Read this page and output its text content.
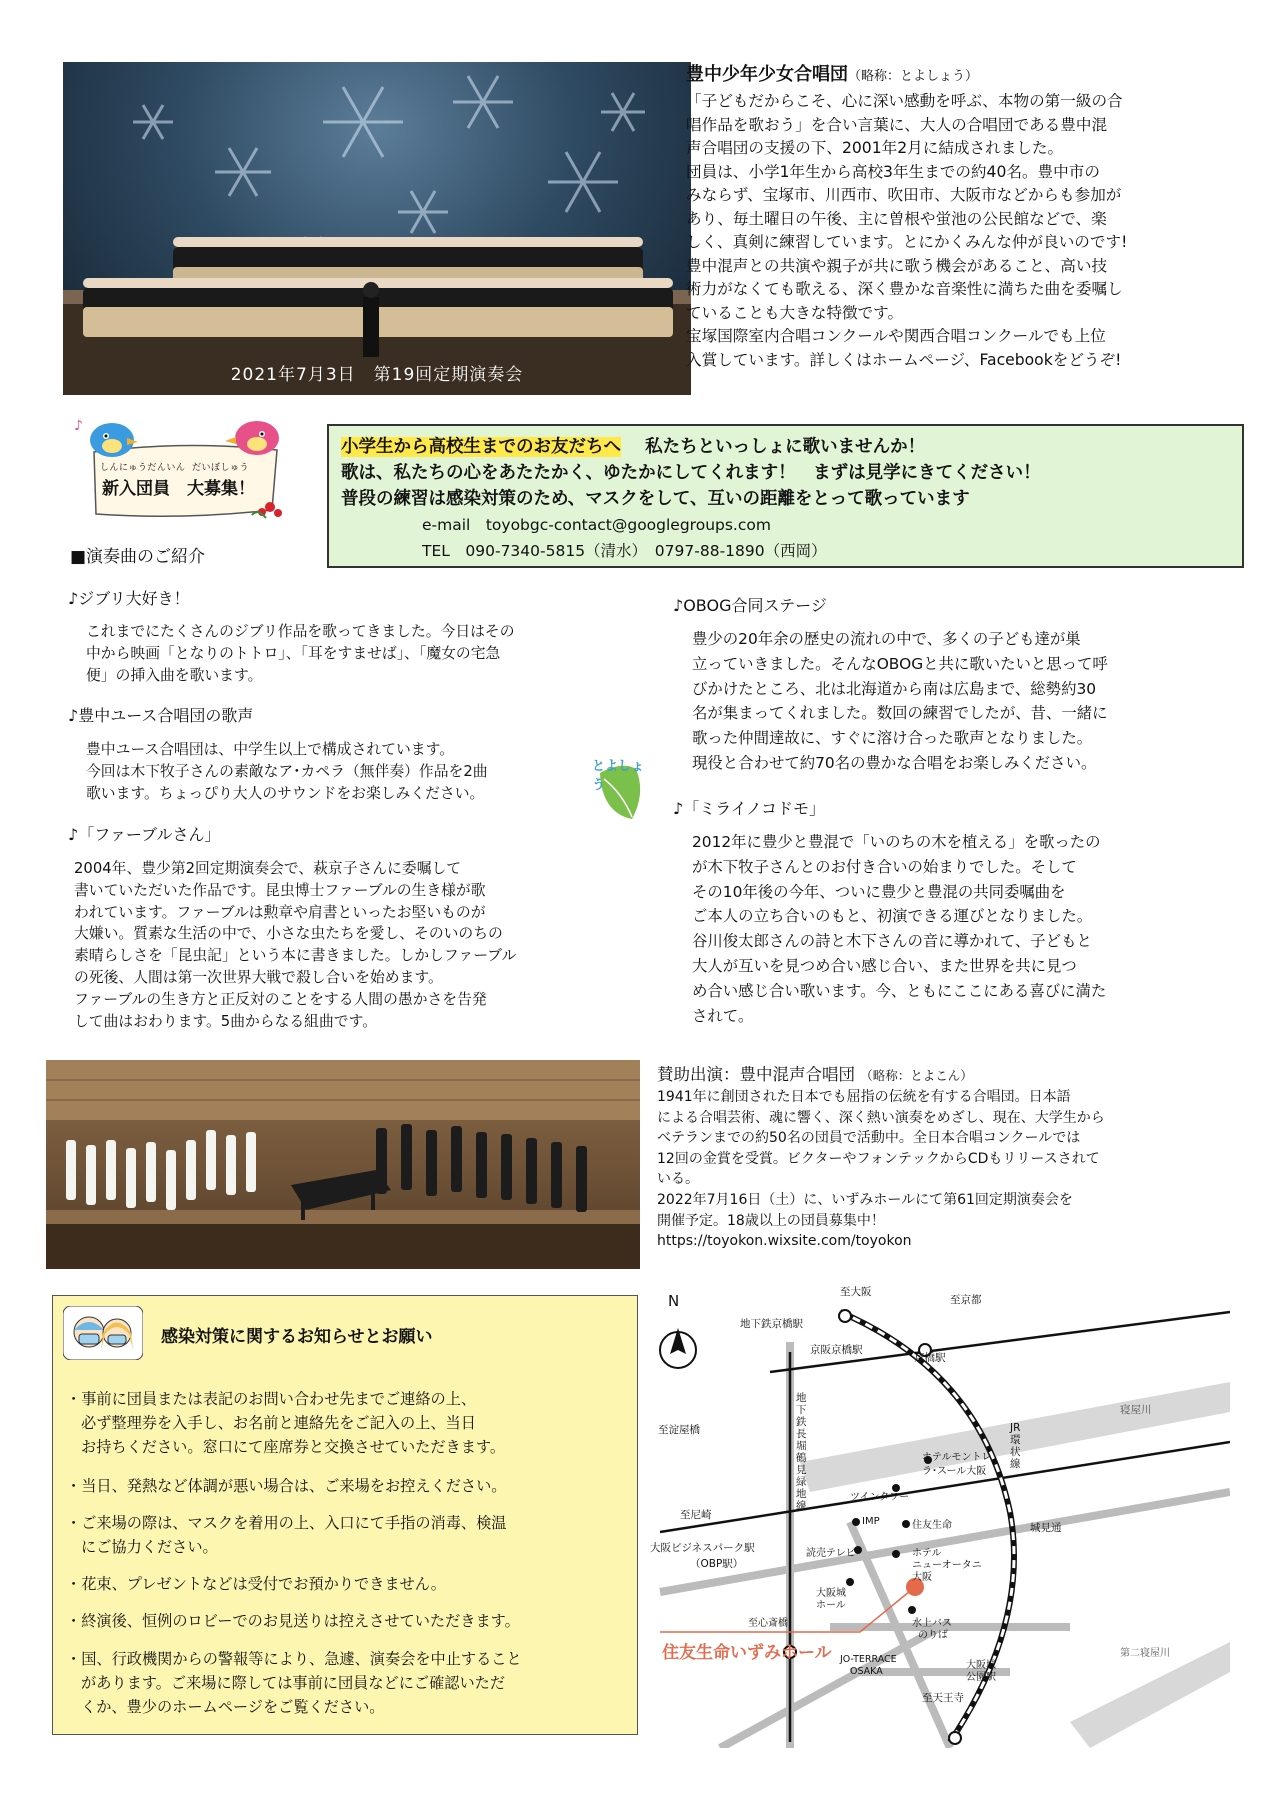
2021年7月3日　第19回定期演奏会
豊中少年少女合唱団（略称：とよしょう）

「子どもだからこそ、心に深い感動を呼ぶ、本物の第一級の合

唱作品を歌おう」を合い言葉に、大人の合唱団である豊中混

声合唱団の支援の下、2001年2月に結成されました。

団員は、小学1年生から高校3年生までの約40名。豊中市の

みならず、宝塚市、川西市、吹田市、大阪市などからも参加が

あり、毎土曜日の午後、主に曽根や蛍池の公民館などで、楽

しく、真剣に練習しています。とにかくみんな仲が良いのです!

豊中混声との共演や親子が共に歌う機会があること、高い技

術力がなくても歌える、深く豊かな音楽性に満ちた曲を委嘱し

ていることも大きな特徴です。

宝塚国際室内合唱コンクールや関西合唱コンクールでも上位

入賞しています。詳しくはホームページ、Facebookをどうぞ!

♪
しんにゅうだんいん だいぼしゅう
新入団員　大募集！
小学生から高校生までのお友だちへ 私たちといっしょに歌いませんか！
歌は、私たちの心をあたたかく、ゆたかにしてくれます！　まずは見学にきてください！
普段の練習は感染対策のため、マスクをして、互いの距離をとって歌っています
e-mail　toyobgc-contact@googlegroups.com
TEL　090-7340-5815（清水）　0797-88-1890（西岡）
■演奏曲のご紹介
♪ジブリ大好き！

これまでにたくさんのジブリ作品を歌ってきました。今日はその

中から映画「となりのトトロ」、「耳をすませば」、「魔女の宅急

便」の挿入曲を歌います。

♪豊中ユース合唱団の歌声

豊中ユース合唱団は、中学生以上で構成されています。

今回は木下牧子さんの素敵なア･カペラ（無伴奏）作品を2曲

歌います。ちょっぴり大人のサウンドをお楽しみください。

♪「ファーブルさん」

2004年、豊少第2回定期演奏会で、萩京子さんに委嘱して

書いていただいた作品です。昆虫博士ファーブルの生き様が歌

われています。ファーブルは勲章や肩書といったお堅いものが

大嫌い。質素な生活の中で、小さな虫たちを愛し、そのいのちの

素晴らしさを「昆虫記」という本に書きました。しかしファーブル

の死後、人間は第一次世界大戦で殺し合いを始めます。

ファーブルの生き方と正反対のことをする人間の愚かさを告発

して曲はおわります。5曲からなる組曲です。

とよしょう
♪OBOG合同ステージ

豊少の20年余の歴史の流れの中で、多くの子ども達が巣

立っていきました。そんなOBOGと共に歌いたいと思って呼

びかけたところ、北は北海道から南は広島まで、総勢約30

名が集まってくれました。数回の練習でしたが、昔、一緒に

歌った仲間達故に、すぐに溶け合った歌声となりました。

現役と合わせて約70名の豊かな合唱をお楽しみください。

♪「ミライノコドモ」

2012年に豊少と豊混で「いのちの木を植える」を歌ったの

が木下牧子さんとのお付き合いの始まりでした。そして

その10年後の今年、ついに豊少と豊混の共同委嘱曲を

ご本人の立ち合いのもと、初演できる運びとなりました。

谷川俊太郎さんの詩と木下さんの音に導かれて、子どもと

大人が互いを見つめ合い感じ合い、また世界を共に見つ

め合い感じ合い歌います。今、ともにここにある喜びに満た

されて。

賛助出演：豊中混声合唱団 （略称：とよこん）

1941年に創団された日本でも屈指の伝統を有する合唱団。日本語

による合唱芸術、魂に響く、深く熱い演奏をめざし、現在、大学生から

ベテランまでの約50名の団員で活動中。全日本合唱コンクールでは

12回の金賞を受賞。ビクターやフォンテックからCDもリリースされて

いる。

2022年7月16日（土）に、いずみホールにて第61回定期演奏会を

開催予定。18歳以上の団員募集中！

https://toyokon.wixsite.com/toyokon

感染対策に関するお知らせとお願い

・事前に団員または表記のお問い合わせ先までご連絡の上、

必ず整理券を入手し、お名前と連絡先をご記入の上、当日

お持ちください。窓口にて座席券と交換させていただきます。

・当日、発熱など体調が悪い場合は、ご来場をお控えください。

・ご来場の際は、マスクを着用の上、入口にて手指の消毒、検温

にご協力ください。

・花束、プレゼントなどは受付でお預かりできません。

・終演後、恒例のロビーでのお見送りは控えさせていただきます。

・国、行政機関からの警報等により、急遽、演奏会を中止すること

があります。ご来場に際しては事前に団員などにご確認いただ

くか、豊少のホームページをご覧ください。

N	至大阪
至京都
地下鉄京橋駅
京阪京橋駅
京橋駅
至淀屋橋
寝屋川
至尼崎
地下鉄長堀鶴見緑地線
JR環状線
ホテルモントレ
ラ･スール大阪
ツインタワー
IMP	住友生命	城見通
大阪ビジネスパーク駅
（OBP駅）
読売テレビ	ホテル
ニューオータニ
大阪
大阪城
ホール
至心斎橋	水上バス
のりば
住友生命いずみホール JO-TERRACE
OSAKA
大阪城
公園駅
第二寝屋川
至天王寺
